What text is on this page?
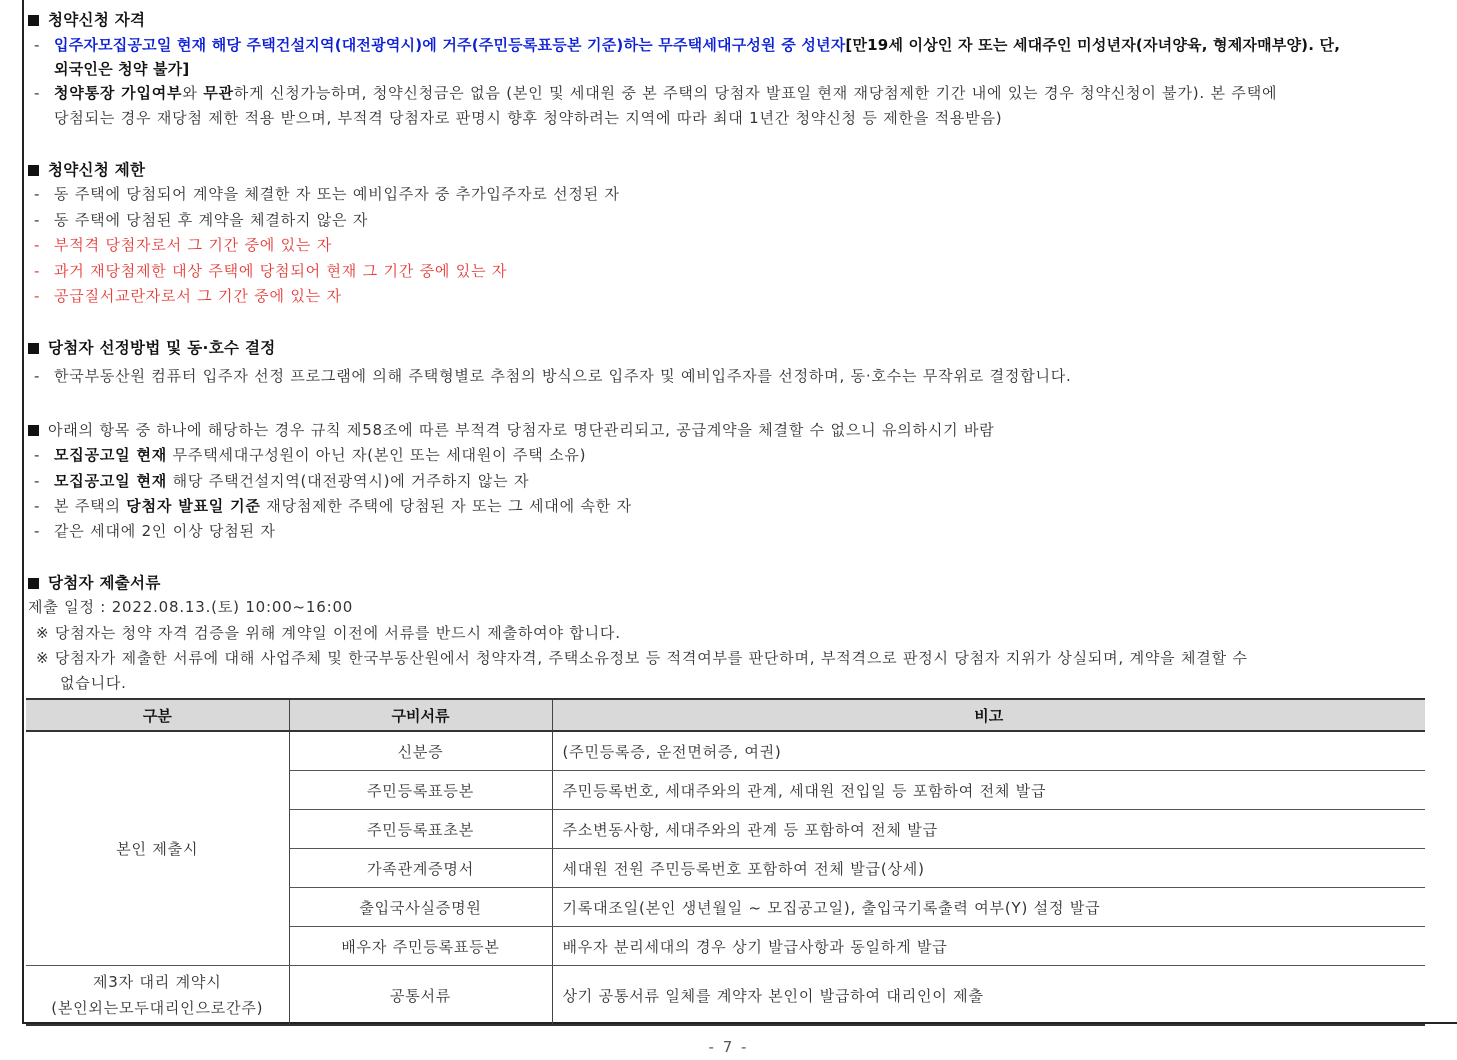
청약신청 자격
- 입주자모집공고일 현재 해당 주택건설지역(대전광역시)에 거주(주민등록표등본 기준)하는 무주택세대구성원 중 성년자[만19세 이상인 자 또는 세대주인 미성년자(자녀양육, 형제자매부양). 단,
외국인은 청약 불가]
- 청약통장 가입여부와 무관하게 신청가능하며, 청약신청금은 없음 (본인 및 세대원 중 본 주택의 당첨자 발표일 현재 재당첨제한 기간 내에 있는 경우 청약신청이 불가). 본 주택에
당첨되는 경우 재당첨 제한 적용 받으며, 부적격 당첨자로 판명시 향후 청약하려는 지역에 따라 최대 1년간 청약신청 등 제한을 적용받음)
청약신청 제한
- 동 주택에 당첨되어 계약을 체결한 자 또는 예비입주자 중 추가입주자로 선정된 자
- 동 주택에 당첨된 후 계약을 체결하지 않은 자
- 부적격 당첨자로서 그 기간 중에 있는 자
- 과거 재당첨제한 대상 주택에 당첨되어 현재 그 기간 중에 있는 자
- 공급질서교란자로서 그 기간 중에 있는 자
당첨자 선정방법 및 동·호수 결정
- 한국부동산원 컴퓨터 입주자 선정 프로그램에 의해 주택형별로 추첨의 방식으로 입주자 및 예비입주자를 선정하며, 동·호수는 무작위로 결정합니다.
아래의 항목 중 하나에 해당하는 경우 규칙 제58조에 따른 부적격 당첨자로 명단관리되고, 공급계약을 체결할 수 없으니 유의하시기 바람
- 모집공고일 현재 무주택세대구성원이 아닌 자(본인 또는 세대원이 주택 소유)
- 모집공고일 현재 해당 주택건설지역(대전광역시)에 거주하지 않는 자
- 본 주택의 당첨자 발표일 기준 재당첨제한 주택에 당첨된 자 또는 그 세대에 속한 자
- 같은 세대에 2인 이상 당첨된 자
당첨자 제출서류
제출 일정 : 2022.08.13.(토) 10:00~16:00
※ 당첨자는 청약 자격 검증을 위해 계약일 이전에 서류를 반드시 제출하여야 합니다.
※ 당첨자가 제출한 서류에 대해 사업주체 및 한국부동산원에서 청약자격, 주택소유정보 등 적격여부를 판단하며, 부적격으로 판정시 당첨자 지위가 상실되며, 계약을 체결할 수
없습니다.
구분	구비서류	비고
본인 제출시	신분증	(주민등록증, 운전면허증, 여권)
	주민등록표등본	주민등록번호, 세대주와의 관계, 세대원 전입일 등 포함하여 전체 발급
	주민등록표초본	주소변동사항, 세대주와의 관계 등 포함하여 전체 발급
	가족관계증명서	세대원 전원 주민등록번호 포함하여 전체 발급(상세)
	출입국사실증명원	기록대조일(본인 생년월일 ~ 모집공고일), 출입국기록출력 여부(Y) 설정 발급
	배우자 주민등록표등본	배우자 분리세대의 경우 상기 발급사항과 동일하게 발급

제3자 대리 계약시
(본인외는모두대리인으로간주)	공통서류	상기 공통서류 일체를 계약자 본인이 발급하여 대리인이 제출
- 7 -
